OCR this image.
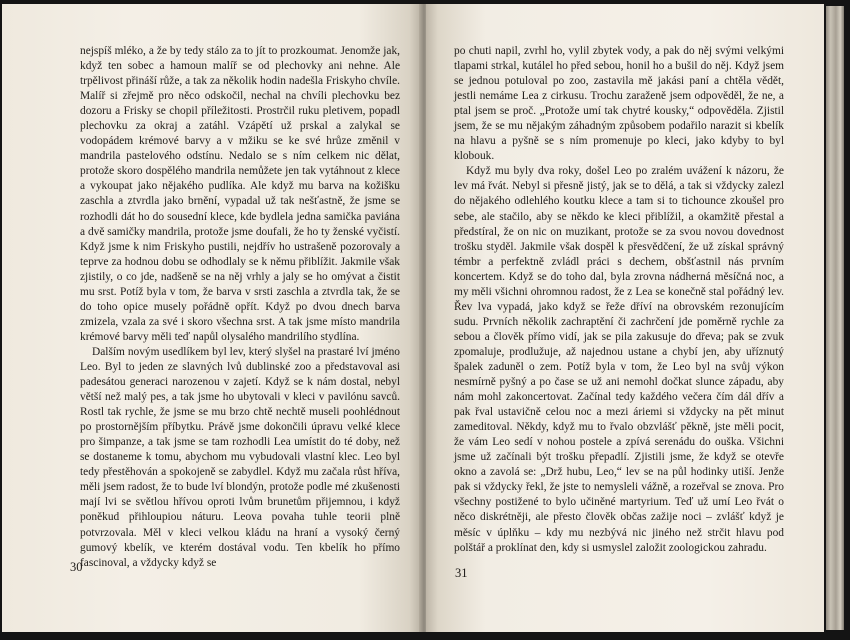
nejspíš mléko, a že by tedy stálo za to jít to prozkoumat. Jenomže jak, když ten sobec a hamoun malíř se od plechovky ani nehne. Ale trpělivost přináší růže, a tak za několik hodin nadešla Friskyho chvíle. Malíř si zřejmě pro něco odskočil, nechal na chvíli plechovku bez dozoru a Frisky se chopil příležitosti. Prostrčil ruku pletivem, popadl plechovku za okraj a zatáhl. Vzápětí už prskal a zalykal se vodopádem krémové barvy a v mžiku se ke své hrůze změnil v mandrila pastelového odstínu. Nedalo se s ním celkem nic dělat, protože skoro dospělého mandrila nemůžete jen tak vytáhnout z klece a vykoupat jako nějakého pudlíka. Ale když mu barva na kožišku zaschla a ztvrdla jako brnění, vypadal už tak nešťastně, že jsme se rozhodli dát ho do sousední klece, kde bydlela jedna samička paviána a dvě samičky mandrila, protože jsme doufali, že ho ty ženské vyčistí. Když jsme k nim Friskyho pustili, nejdřív ho ustrašeně pozorovaly a teprve za hodnou dobu se odhodlaly se k němu přiblížit. Jakmile však zjistily, o co jde, nadšeně se na něj vrhly a jaly se ho omývat a čistit mu srst. Potíž byla v tom, že barva v srsti zaschla a ztvrdla tak, že se do toho opice musely pořádně opřít. Když po dvou dnech barva zmizela, vzala za své i skoro všechna srst. A tak jsme místo mandrila krémové barvy měli teď napůl olysalého mandrilího stydlína.

Dalším novým usedlíkem byl lev, který slyšel na prastaré lví jméno Leo. Byl to jeden ze slavných lvů dublinské zoo a představoval asi padesátou generaci narozenou v zajetí. Když se k nám dostal, nebyl větší než malý pes, a tak jsme ho ubytovali v kleci v pavilónu savců. Rostl tak rychle, že jsme se mu brzo chtě nechtě museli poohlédnout po prostornějším příbytku. Právě jsme dokončili úpravu velké klece pro šimpanze, a tak jsme se tam rozhodli Lea umístit do té doby, než se dostaneme k tomu, abychom mu vybudovali vlastní klec. Leo byl tedy přestěhován a spokojeně se zabydlel. Když mu začala růst hříva, měli jsem radost, že to bude lví blondýn, protože podle mé zkušenosti mají lvi se světlou hřívou oproti lvům brunetům přijemnou, i když poněkud přihloupiou náturu. Leova povaha tuhle teorii plně potvrzovala. Měl v kleci velkou kládu na hraní a vysoký černý gumový kbelík, ve kterém dostával vodu. Ten kbelík ho přímo fascinoval, a vždycky když se

30

po chuti napil, zvrhl ho, vylil zbytek vody, a pak do něj svými velkými tlapami strkal, kutálel ho před sebou, honil ho a bušil do něj. Když jsem se jednou potuloval po zoo, zastavila mě jakási paní a chtěla vědět, jestli nemáme Lea z cirkusu. Trochu zaraženě jsem odpověděl, že ne, a ptal jsem se proč. „Protože umí tak chytré kousky,“ odpověděla. Zjistil jsem, že se mu nějakým záhadným způsobem podařilo narazit si kbelík na hlavu a pyšně se s ním promenuje po kleci, jako kdyby to byl klobouk.

Když mu byly dva roky, došel Leo po zralém uvážení k názoru, že lev má řvát. Nebyl si přesně jistý, jak se to dělá, a tak si vždycky zalezl do nějakého odlehlého koutku klece a tam si to tichounce zkoušel pro sebe, ale stačilo, aby se někdo ke kleci přiblížil, a okamžitě přestal a předstíral, že on nic on muzikant, protože se za svou novou dovednost trošku styděl. Jakmile však dospěl k přesvědčení, že už získal správný témbr a perfektně zvládl práci s dechem, obšťastnil nás prvním koncertem. Když se do toho dal, byla zrovna nádherná měsíčná noc, a my měli všichni ohromnou radost, že z Lea se konečně stal pořádný lev. Řev lva vypadá, jako když se řeže dříví na obrovském rezonujícím sudu. Prvních několik zachraptění či zachrčení jde poměrně rychle za sebou a člověk přímo vidí, jak se pila zakusuje do dřeva; pak se zvuk zpomaluje, prodlužuje, až najednou ustane a chybí jen, aby uříznutý špalek zaduněl o zem. Potíž byla v tom, že Leo byl na svůj výkon nesmírně pyšný a po čase se už ani nemohl dočkat slunce západu, aby nám mohl zakoncertovat. Začínal tedy každého večera čím dál dřív a pak řval ustavičně celou noc a mezi áriemi si vždycky na pět minut zameditoval. Někdy, když mu to řvalo obzvlášť pěkně, jste měli pocit, že vám Leo sedí v nohou postele a zpívá serenádu do ouška. Všichni jsme už začínali být trošku přepadlí. Zjistili jsme, že když se otevře okno a zavolá se: „Drž hubu, Leo,“ lev se na půl hodinky utiší. Jenže pak si vždycky řekl, že jste to nemysleli vážně, a rozeřval se znova. Pro všechny postižené to bylo učiněné martyrium. Teď už umí Leo řvát o něco diskrétněji, ale přesto člověk občas zažije noci – zvlášť když je měsíc v úplňku – kdy mu nezbývá nic jiného než strčit hlavu pod polštář a proklínat den, kdy si usmyslel založit zoologickou zahradu.

31
